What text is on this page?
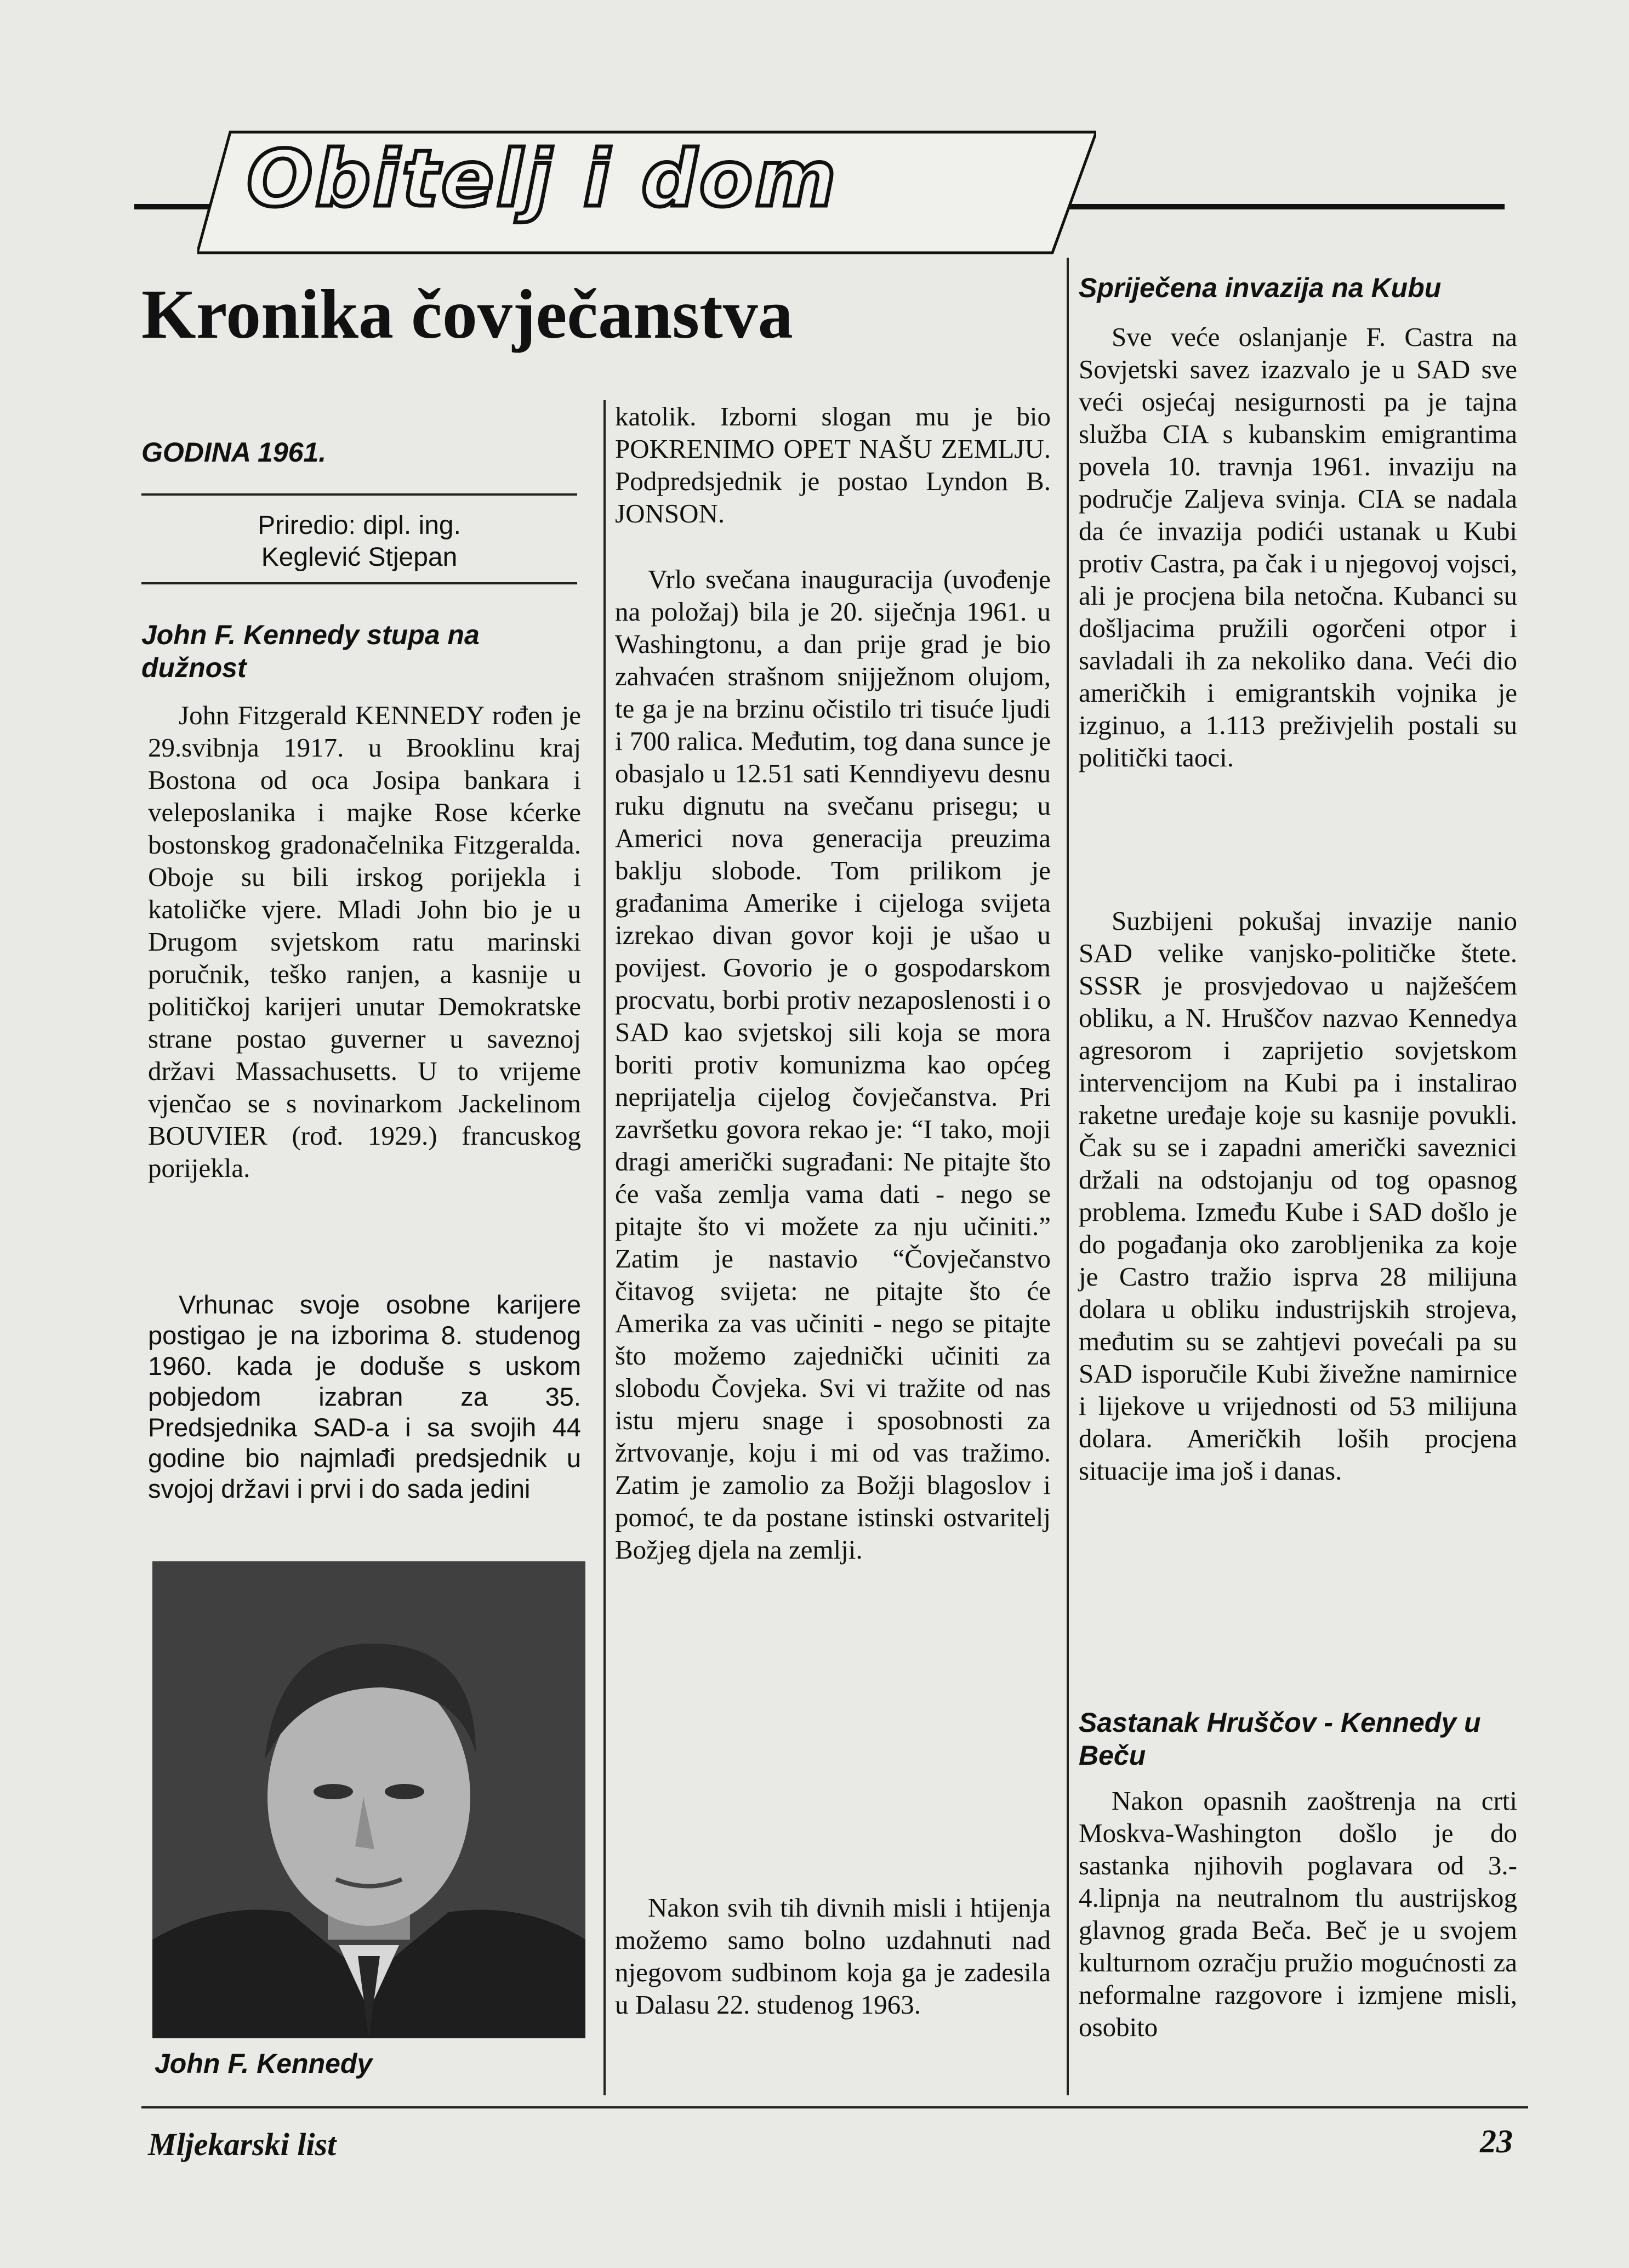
Obitelj i dom
Kronika čovječanstva
GODINA 1961.
Priredio: dipl. ing. Keglević Stjepan
John F. Kennedy stupa na dužnost
John Fitzgerald KENNEDY rođen je 29.svibnja 1917. u Brooklinu kraj Bostona od oca Josipa bankara i veleposlanika i majke Rose kćerke bostonskog gradonačelnika Fitzgeralda. Oboje su bili irskog porijekla i katoličke vjere. Mladi John bio je u Drugom svjetskom ratu marinski poručnik, teško ranjen, a kasnije u političkoj karijeri unutar Demokratske strane postao guverner u saveznoj državi Massachusetts. U to vrijeme vjenčao se s novinarkom Jackelinom BOUVIER (rođ. 1929.) francuskog porijekla.
Vrhunac svoje osobne karijere postigao je na izborima 8. studenog 1960. kada je doduše s uskom pobjedom izabran za 35. Predsjednika SAD-a i sa svojih 44 godine bio najmlađi predsjednik u svojoj državi i prvi i do sada jedini
John F. Kennedy
katolik. Izborni slogan mu je bio POKRENIMO OPET NAŠU ZEMLJU. Podpredsjednik je postao Lyndon B. JONSON.
Vrlo svečana inauguracija (uvođenje na položaj) bila je 20. siječnja 1961. u Washingtonu, a dan prije grad je bio zahvaćen strašnom snijježnom olujom, te ga je na brzinu očistilo tri tisuće ljudi i 700 ralica. Međutim, tog dana sunce je obasjalo u 12.51 sati Kenndiyevu desnu ruku dignutu na svečanu prisegu; u Americi nova generacija preuzima baklju slobode. Tom prilikom je građanima Amerike i cijeloga svijeta izrekao divan govor koji je ušao u povijest. Govorio je o gospodarskom procvatu, borbi protiv nezaposlenosti i o SAD kao svjetskoj sili koja se mora boriti protiv komunizma kao općeg neprijatelja cijelog čovječanstva. Pri završetku govora rekao je: “I tako, moji dragi američki sugrađani: Ne pitajte što će vaša zemlja vama dati - nego se pitajte što vi možete za nju učiniti.” Zatim je nastavio “Čovječanstvo čitavog svijeta: ne pitajte što će Amerika za vas učiniti - nego se pitajte što možemo zajednički učiniti za slobodu Čovjeka. Svi vi tražite od nas istu mjeru snage i sposobnosti za žrtvovanje, koju i mi od vas tražimo. Zatim je zamolio za Božji blagoslov i pomoć, te da postane istinski ostvaritelj Božjeg djela na zemlji.
Nakon svih tih divnih misli i htijenja možemo samo bolno uzdahnuti nad njegovom sudbinom koja ga je zadesila u Dalasu 22. studenog 1963.
Spriječena invazija na Kubu
Sve veće oslanjanje F. Castra na Sovjetski savez izazvalo je u SAD sve veći osjećaj nesigurnosti pa je tajna služba CIA s kubanskim emigrantima povela 10. travnja 1961. invaziju na područje Zaljeva svinja. CIA se nadala da će invazija podići ustanak u Kubi protiv Castra, pa čak i u njegovoj vojsci, ali je procjena bila netočna. Kubanci su došljacima pružili ogorčeni otpor i savladali ih za nekoliko dana. Veći dio američkih i emigrantskih vojnika je izginuo, a 1.113 preživjelih postali su politički taoci.
Suzbijeni pokušaj invazije nanio SAD velike vanjsko-političke štete. SSSR je prosvjedovao u najžešćem obliku, a N. Hruščov nazvao Kennedya agresorom i zaprijetio sovjetskom intervencijom na Kubi pa i instalirao raketne uređaje koje su kasnije povukli. Čak su se i zapadni američki saveznici držali na odstojanju od tog opasnog problema. Između Kube i SAD došlo je do pogađanja oko zarobljenika za koje je Castro tražio isprva 28 milijuna dolara u obliku industrijskih strojeva, međutim su se zahtjevi povećali pa su SAD isporučile Kubi živežne namirnice i lijekove u vrijednosti od 53 milijuna dolara. Američkih loših procjena situacije ima još i danas.
Sastanak Hruščov - Kennedy u Beču
Nakon opasnih zaoštrenja na crti Moskva-Washington došlo je do sastanka njihovih poglavara od 3.- 4.lipnja na neutralnom tlu austrijskog glavnog grada Beča. Beč je u svojem kulturnom ozračju pružio mogućnosti za neformalne razgovore i izmjene misli, osobito
Mljekarski list	23
